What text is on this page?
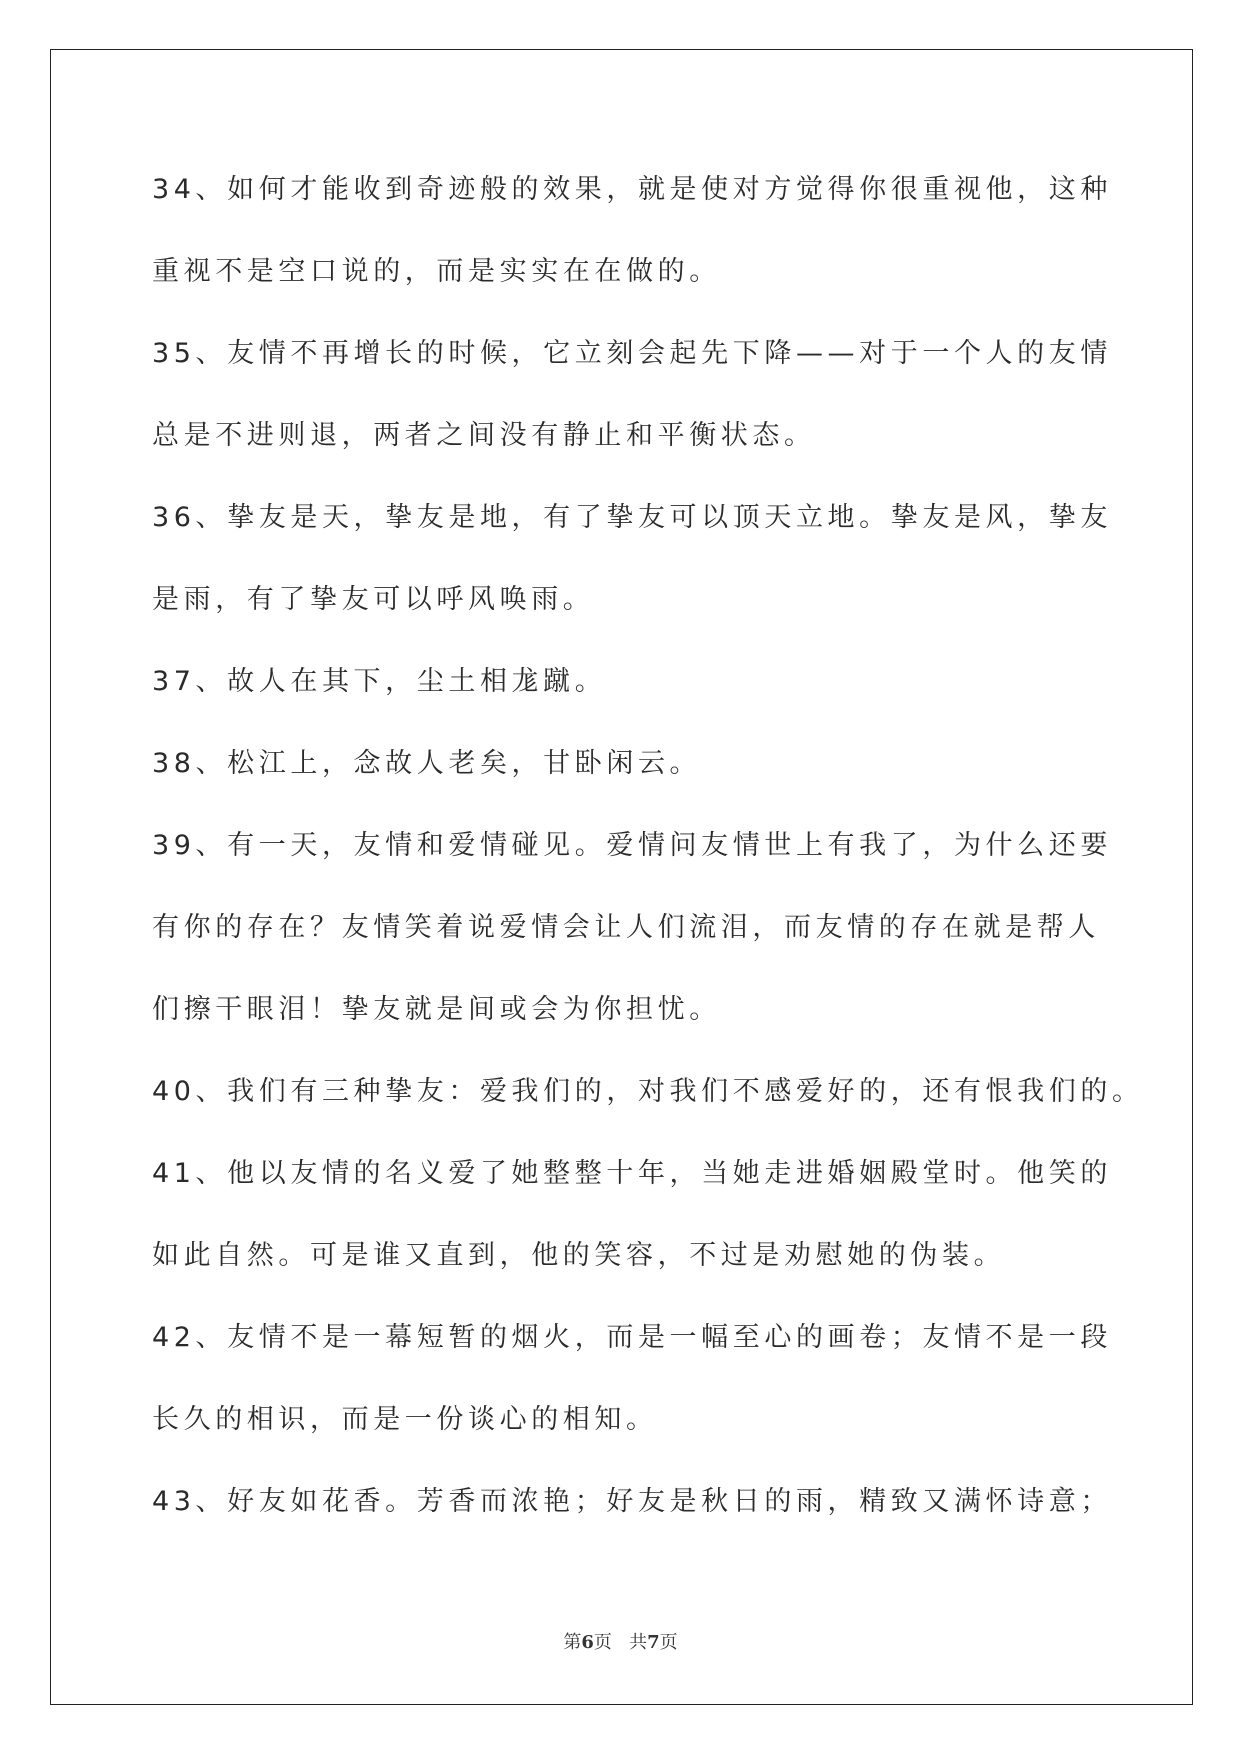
34、如何才能收到奇迹般的效果，就是使对方觉得你很重视他，这种
重视不是空口说的，而是实实在在做的。
35、友情不再增长的时候，它立刻会起先下降——对于一个人的友情
总是不进则退，两者之间没有静止和平衡状态。
36、挚友是天，挚友是地，有了挚友可以顶天立地。挚友是风，挚友
是雨，有了挚友可以呼风唤雨。
37、故人在其下，尘土相尨蹴。
38、松江上，念故人老矣，甘卧闲云。
39、有一天，友情和爱情碰见。爱情问友情世上有我了，为什么还要
有你的存在？友情笑着说爱情会让人们流泪，而友情的存在就是帮人
们擦干眼泪！挚友就是间或会为你担忧。
40、我们有三种挚友：爱我们的，对我们不感爱好的，还有恨我们的。
41、他以友情的名义爱了她整整十年，当她走进婚姻殿堂时。他笑的
如此自然。可是谁又直到，他的笑容，不过是劝慰她的伪装。
42、友情不是一幕短暂的烟火，而是一幅至心的画卷；友情不是一段
长久的相识，而是一份谈心的相知。
43、好友如花香。芳香而浓艳；好友是秋日的雨，精致又满怀诗意；
第6页 共7页
